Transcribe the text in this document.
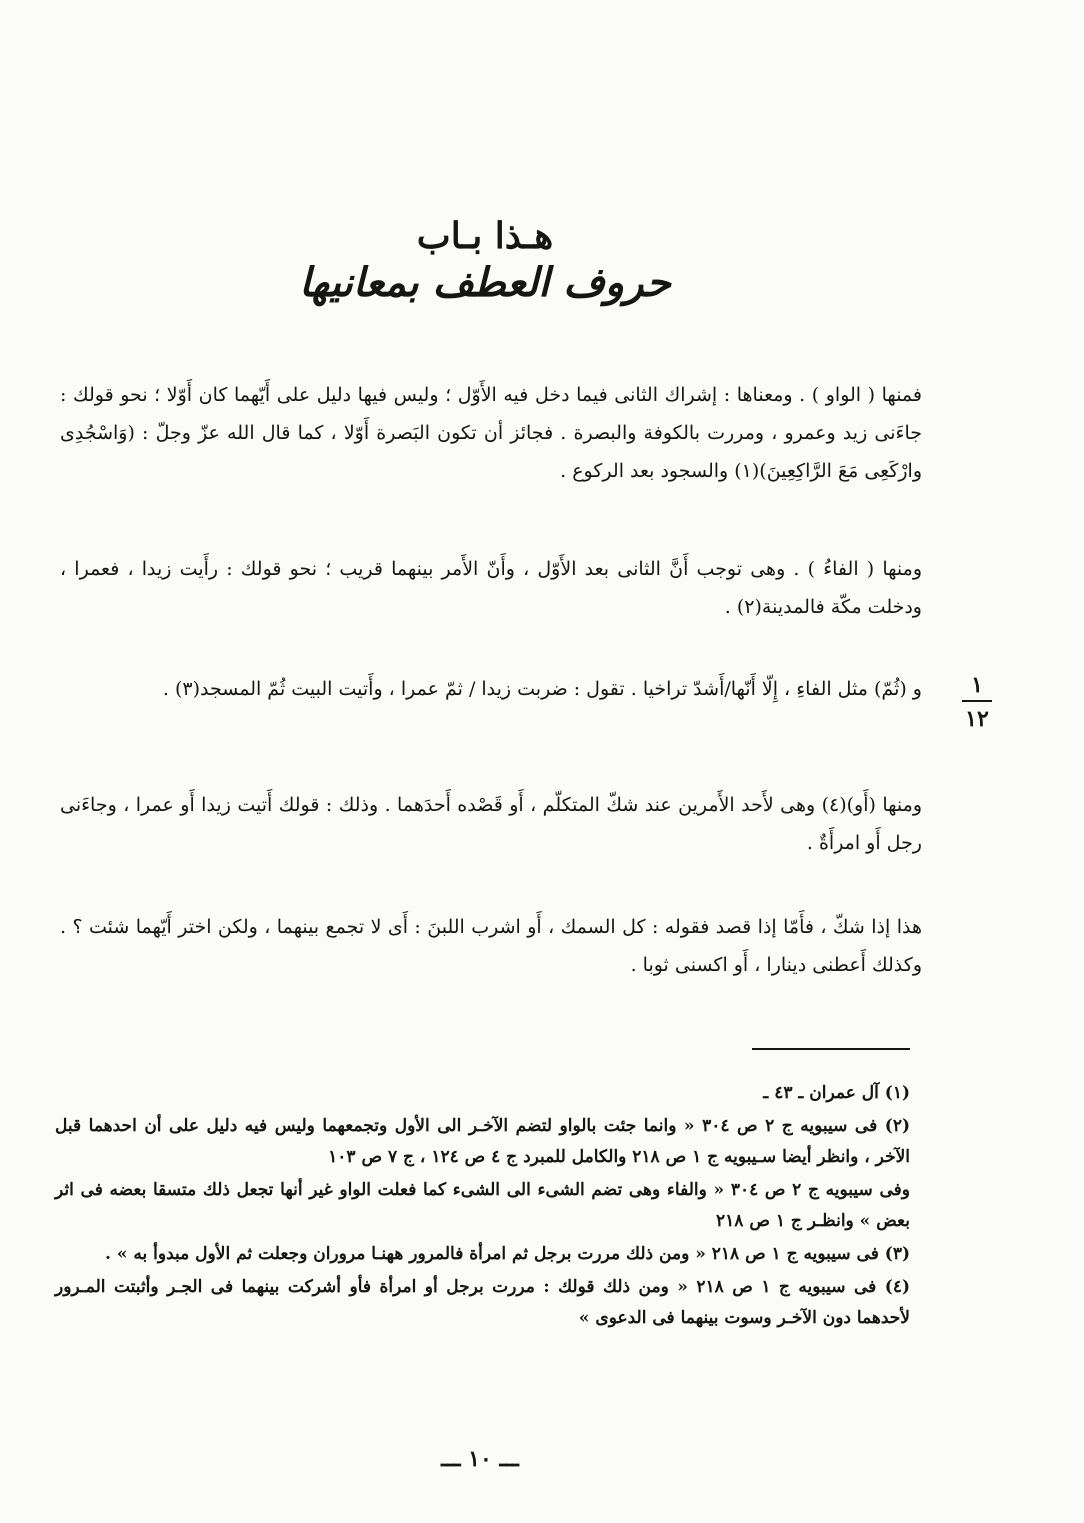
هـذا بـاب
حروف العطف بمعانيها
فمنها ( الواو ) . ومعناها : إشراك الثانى فيما دخل فيه الأَوّل ؛ وليس فيها دليل على أَيّهما كان أَوّلا ؛ نحو قولك : جاءَنى زيد وعمرو ، ومررت بالكوفة والبصرة . فجائز أن تكون البَصرة أَوّلا ، كما قال الله عزّ وجلّ : (وَاسْجُدِى وارْكَعِى مَعَ الرَّاكِعِينَ)(١) والسجود بعد الركوع .
ومنها ( الفاءُ ) . وهى توجب أَنَّ الثانى بعد الأَوّل ، وأَنّ الأَمر بينهما قريب ؛ نحو قولك : رأَيت زيدا ، فعمرا ، ودخلت مكّة فالمدينة(٢) .
و (ثُمّ) مثل الفاءِ ، إِلّا أَنّها/أَشدّ تراخيا . تقول : ضربت زيدا / ثمّ عمرا ، وأَتيت البيت ثُمّ المسجد(٣) .
ومنها (أَو)(٤) وهى لأَحد الأَمرين عند شكّ المتكلّم ، أَو قَصْده أَحدَهما . وذلك : قولك أَتيت زيدا أَو عمرا ، وجاءَنى رجل أَو امرأَةٌ .
هذا إذا شكّ ، فأَمّا إذا قصد فقوله : كل السمك ، أَو اشرب اللبنَ : أَى لا تجمع بينهما ، ولكن اختر أَيّهما شئت ؟ . وكذلك أَعطنى دينارا ، أَو اكسنى ثوبا .
١
١٢
(١) آل عمران ـ ٤٣ ـ
(٢) فى سيبويه ج ٢ ص ٣٠٤ « وانما جئت بالواو لتضم الآخـر الى الأول وتجمعهما وليس فيه دليل على أن احدهما قبل الآخر ، وانظر أيضا سـيبويه ج ١ ص ٢١٨ والكامل للمبرد ج ٤ ص ١٢٤ ، ج ٧ ص ١٠٣
وفى سيبويه ج ٢ ص ٣٠٤ « والفاء وهى تضم الشىء الى الشىء كما فعلت الواو غير أنها تجعل ذلك متسقا بعضه فى اثر بعض » وانظـر ج ١ ص ٢١٨
(٣) فى سيبويه ج ١ ص ٢١٨ « ومن ذلك مررت برجل ثم امرأة فالمرور ههنـا مروران وجعلت ثم الأول مبدوأ به » .
(٤) فى سيبويه ج ١ ص ٢١٨ « ومن ذلك قولك : مررت برجل أو امرأة فأو أشركت بينهما فى الجـر وأثبتت المـرور لأحدهما دون الآخـر وسوت بينهما فى الدعوى »
ـــ ١٠ ـــ
